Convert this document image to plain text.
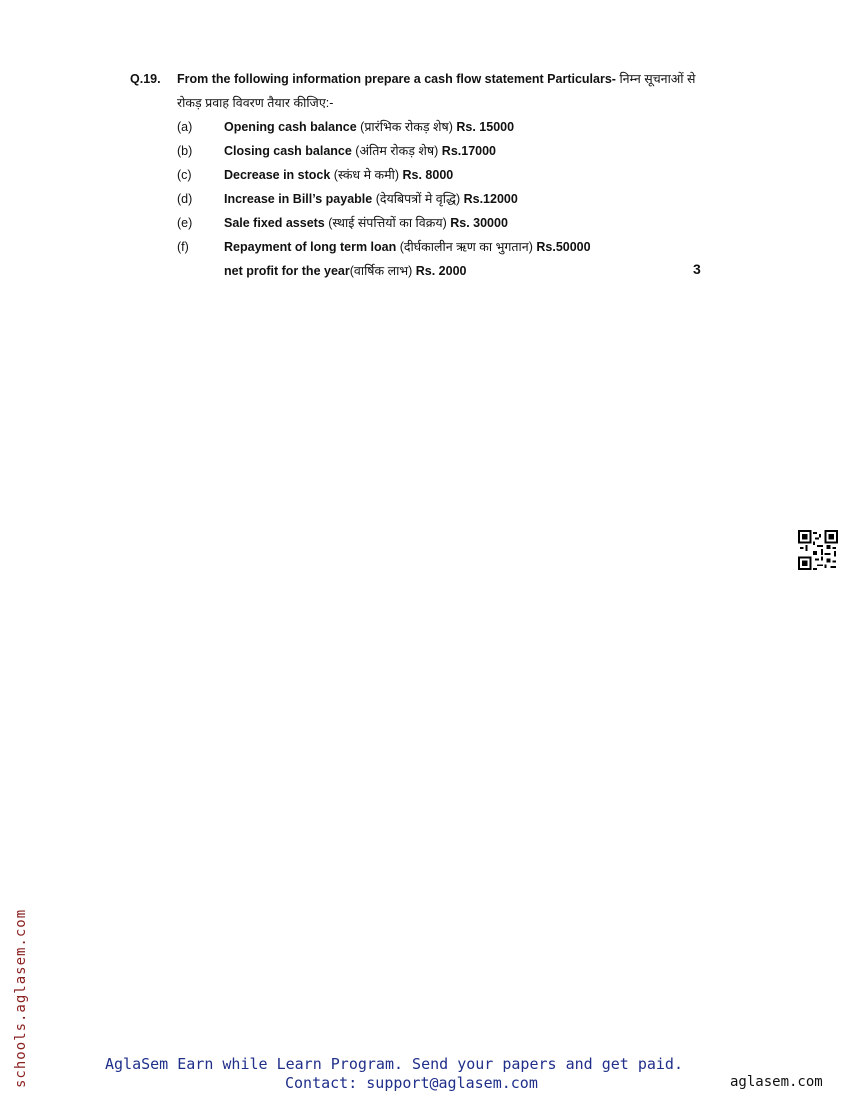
Q.19. From the following information prepare a cash flow statement Particulars- निम्न सूचनाओं से
रोकड़ प्रवाह विवरण तैयार कीजिए:-
(a)	Opening cash balance (प्रारंभिक रोकड़ शेष) Rs. 15000
(b)	Closing cash balance (अंतिम रोकड़ शेष) Rs.17000
(c)	Decrease in stock (स्कंध मे कमी) Rs. 8000
(d)	Increase in Bill’s payable (देयबिपत्रों मे वृद्धि) Rs.12000
(e)	Sale fixed assets (स्थाई संपत्तियों का विक्रय) Rs. 30000
(f)	Repayment of long term loan (दीर्घकालीन ऋण का भुगतान) Rs.50000
net profit for the year(वार्षिक लाभ) Rs. 2000	3
schools.aglasem.com	AglaSem Earn while Learn Program. Send your papers and get paid.
Contact: support@aglasem.com	aglasem.com
